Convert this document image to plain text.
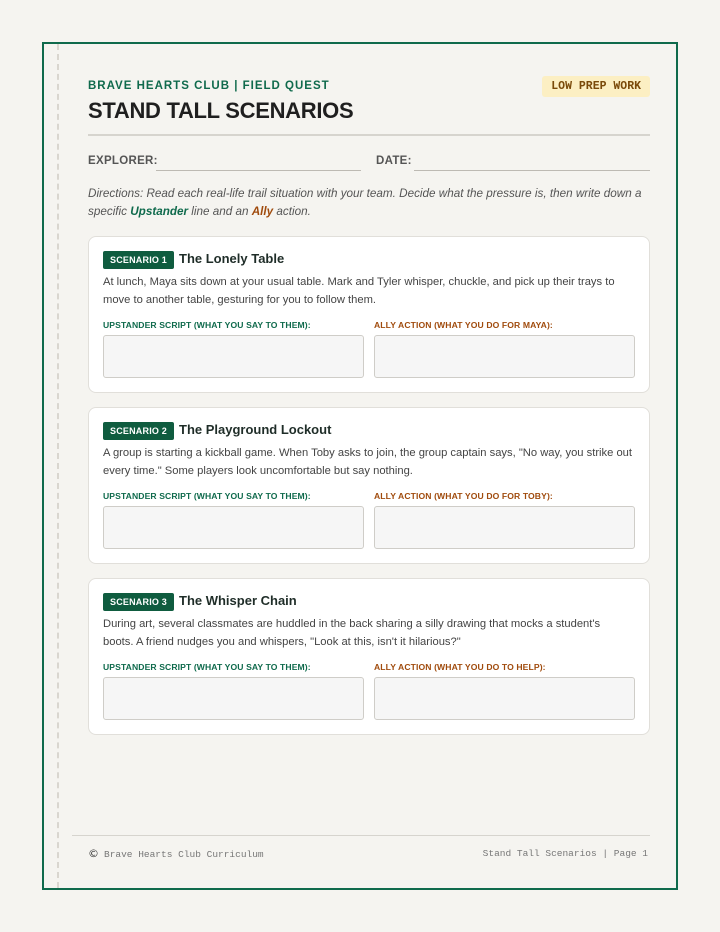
BRAVE HEARTS CLUB | FIELD QUEST	LOW PREP WORK
STAND TALL SCENARIOS
EXPLORER:	DATE:
Directions: Read each real-life trail situation with your team. Decide what the pressure is, then write down a specific Upstander line and an Ally action.
SCENARIO 1 The Lonely Table
At lunch, Maya sits down at your usual table. Mark and Tyler whisper, chuckle, and pick up their trays to move to another table, gesturing for you to follow them.
UPSTANDER SCRIPT (WHAT YOU SAY TO THEM):	ALLY ACTION (WHAT YOU DO FOR MAYA):
SCENARIO 2 The Playground Lockout
A group is starting a kickball game. When Toby asks to join, the group captain says, "No way, you strike out every time." Some players look uncomfortable but say nothing.
UPSTANDER SCRIPT (WHAT YOU SAY TO THEM):	ALLY ACTION (WHAT YOU DO FOR TOBY):
SCENARIO 3 The Whisper Chain
During art, several classmates are huddled in the back sharing a silly drawing that mocks a student's boots. A friend nudges you and whispers, "Look at this, isn't it hilarious?"
UPSTANDER SCRIPT (WHAT YOU SAY TO THEM):	ALLY ACTION (WHAT YOU DO TO HELP):
© Brave Hearts Club Curriculum	Stand Tall Scenarios | Page 1
